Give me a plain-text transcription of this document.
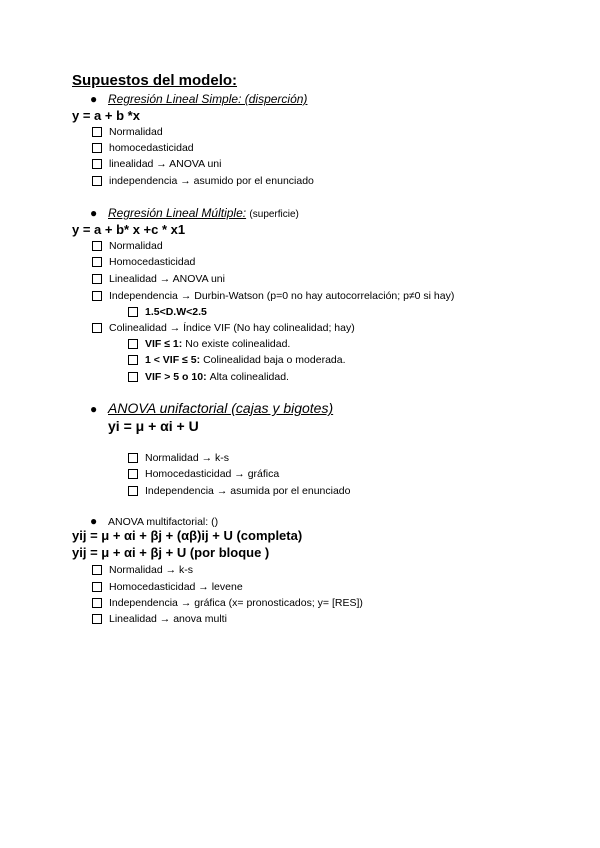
Supuestos del modelo:
● Regresión Lineal Simple: (disperción)
y = a + b *x
Normalidad
homocedasticidad
linealidad → ANOVA uni
independencia → asumido por el enunciado
● Regresión Lineal Múltiple: (superficie)
y = a + b* x +c * x1
Normalidad
Homocedasticidad
Linealidad → ANOVA uni
Independencia → Durbin-Watson (p=0 no hay autocorrelación; p≠0 si hay)
1.5<D.W<2.5
Colinealidad → Índice VIF (No hay colinealidad; hay)
VIF ≤ 1: No existe colinealidad.
1 < VIF ≤ 5: Colinealidad baja o moderada.
VIF > 5 o 10: Alta colinealidad.
● ANOVA unifactorial (cajas y bigotes)
yi = μ + αi + U
Normalidad → k-s
Homocedasticidad → gráfica
Independencia → asumida por el enunciado
● ANOVA multifactorial: ()
yij = μ + αi + βj + (αβ)ij + U (completa)
yij = μ + αi + βj + U (por bloque )
Normalidad → k-s
Homocedasticidad → levene
Independencia → gráfica (x= pronosticados; y= [RES])
Linealidad → anova multi
